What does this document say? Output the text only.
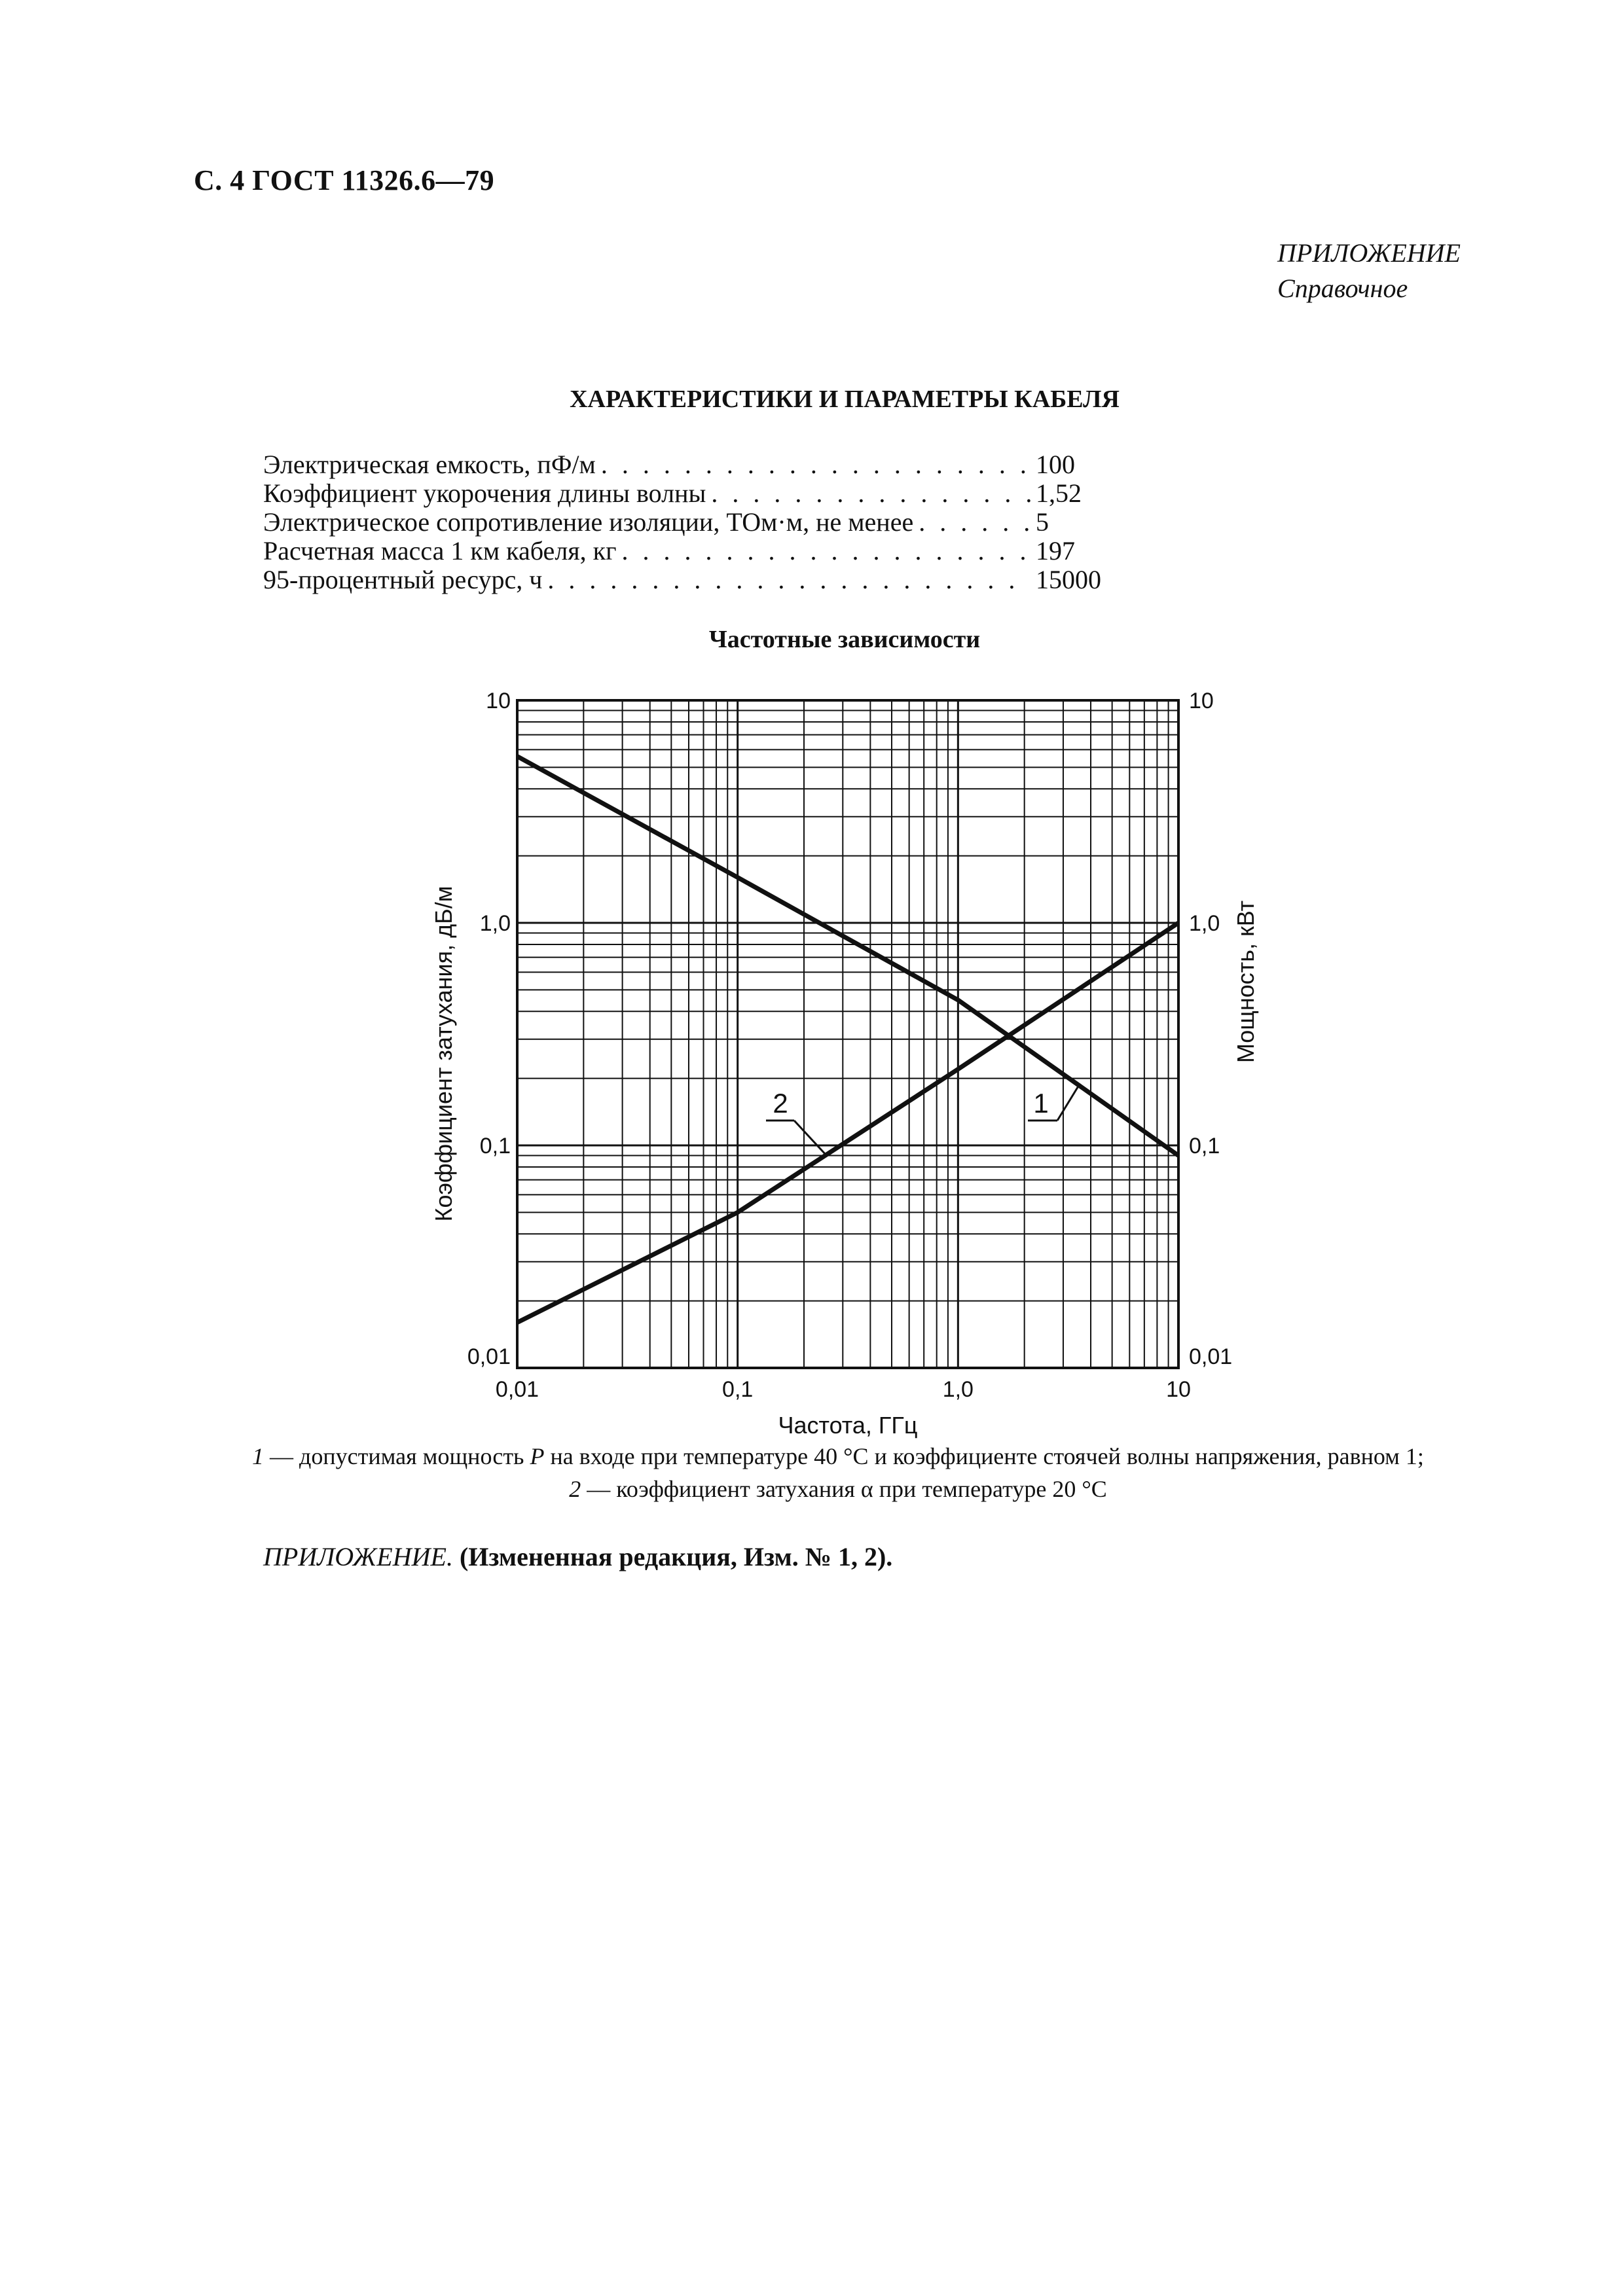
С. 4 ГОСТ 11326.6—79
ПРИЛОЖЕНИЕ
Справочное
ХАРАКТЕРИСТИКИ И ПАРАМЕТРЫ КАБЕЛЯ
Электрическая емкость, пФ/м . . .	100
Коэффициент укорочения длины волны . . .	1,52
Электрическое сопротивление изоляции, ТОм·м, не менее . . .	5
Расчетная масса 1 км кабеля, кг . . .	197
95-процентный ресурс, ч . . .	15000
Частотные зависимости
0,01	0,1	1,0	10
0,01
0,1
1,0
10
0,01
0,1
1,0
10
Частота, ГГц
Коэффициент затухания, дБ/м	Мощность, кВт
1
2
1 — допустимая мощность P на входе при температуре 40 °С и коэффициенте стоячей волны напряжения, равном 1;
2 — коэффициент затухания α при температуре 20 °С
ПРИЛОЖЕНИЕ. (Измененная редакция, Изм. № 1, 2).
